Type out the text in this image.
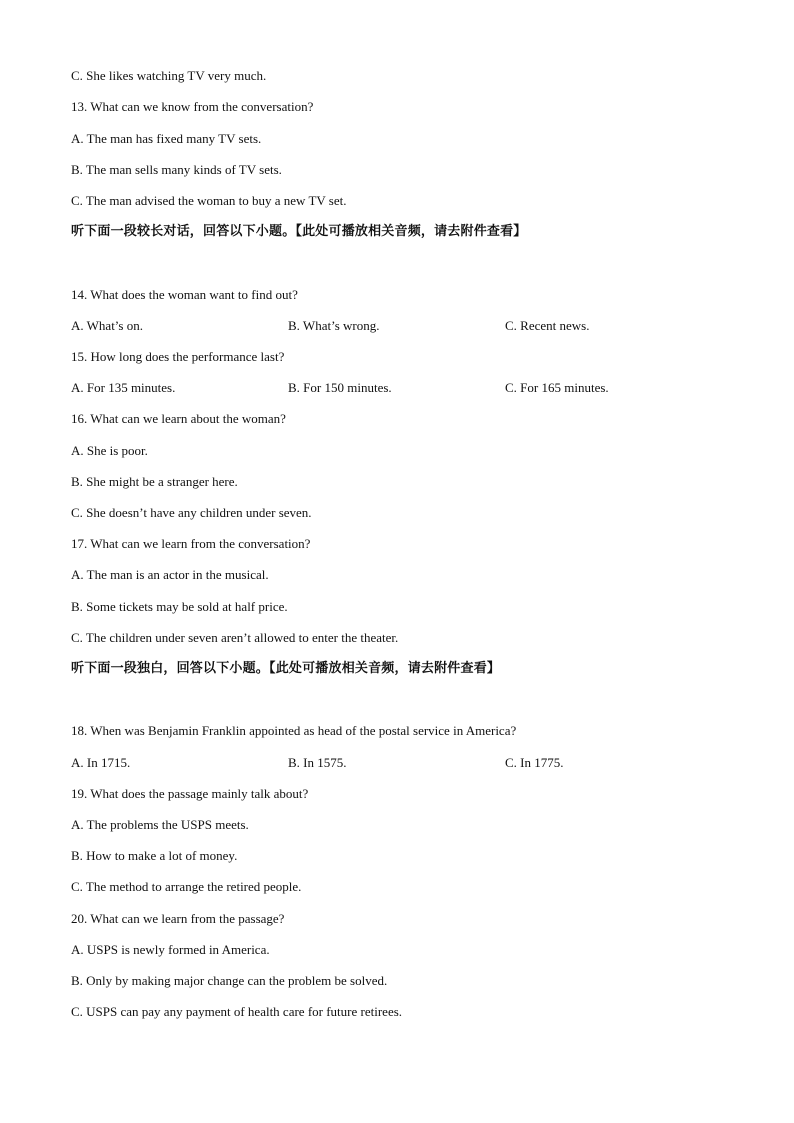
C. She likes watching TV very much.
13. What can we know from the conversation?
A. The man has fixed many TV sets.
B. The man sells many kinds of TV sets.
C. The man advised the woman to buy a new TV set.
听下面一段较长对话，回答以下小题。【此处可播放相关音频，请去附件查看】
14. What does the woman want to find out?
A. What’s on.	B. What’s wrong.	C. Recent news.
15. How long does the performance last?
A. For 135 minutes.	B. For 150 minutes.	C. For 165 minutes.
16. What can we learn about the woman?
A. She is poor.
B. She might be a stranger here.
C. She doesn’t have any children under seven.
17. What can we learn from the conversation?
A. The man is an actor in the musical.
B. Some tickets may be sold at half price.
C. The children under seven aren’t allowed to enter the theater.
听下面一段独白，回答以下小题。【此处可播放相关音频，请去附件查看】
18. When was Benjamin Franklin appointed as head of the postal service in America?
A. In 1715.	B. In 1575.	C. In 1775.
19. What does the passage mainly talk about?
A. The problems the USPS meets.
B. How to make a lot of money.
C. The method to arrange the retired people.
20. What can we learn from the passage?
A. USPS is newly formed in America.
B. Only by making major change can the problem be solved.
C. USPS can pay any payment of health care for future retirees.
